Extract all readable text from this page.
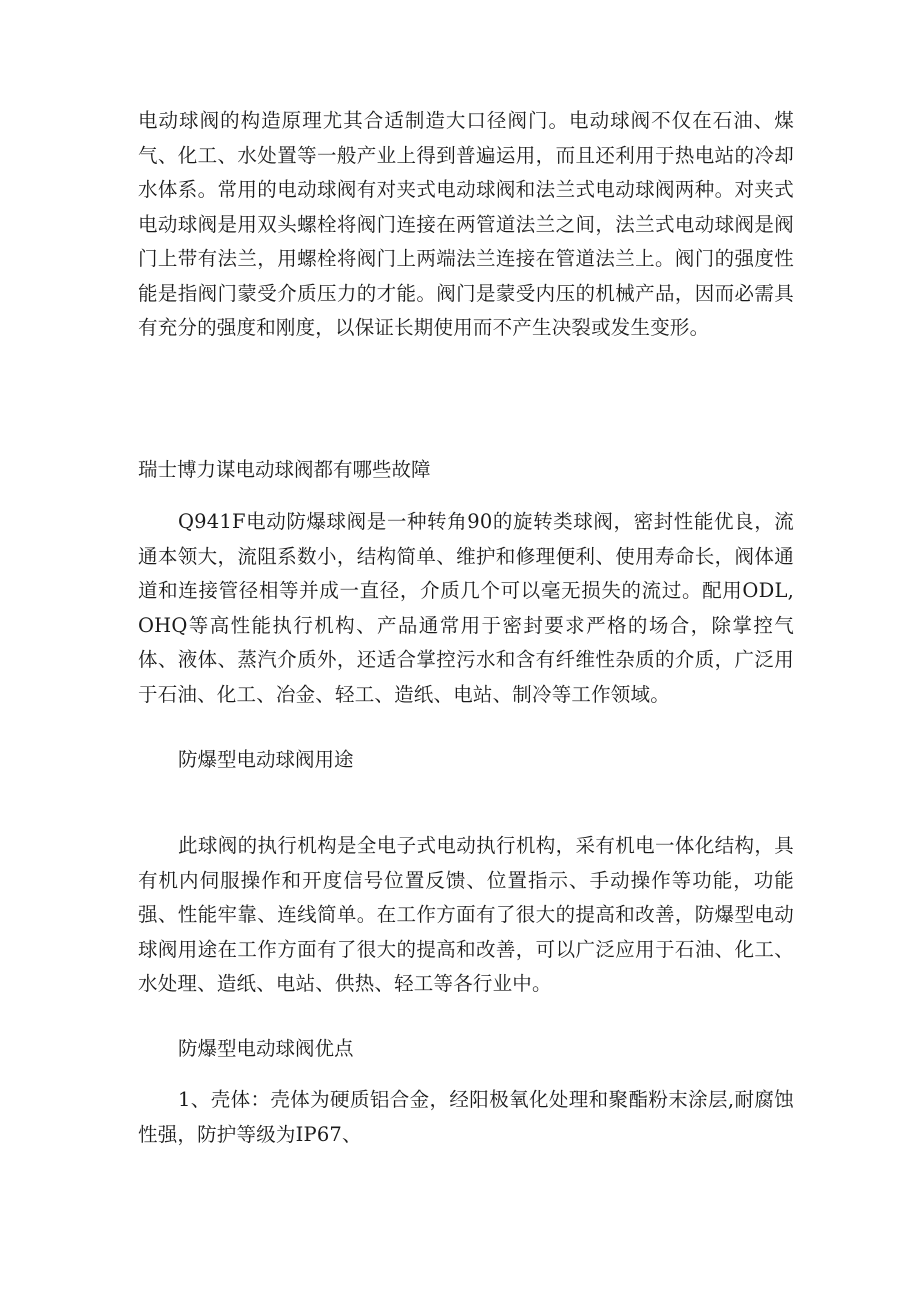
电动球阀的构造原理尤其合适制造大口径阀门。电动球阀不仅在石油、煤气、化工、水处置等一般产业上得到普遍运用，而且还利用于热电站的冷却水体系。常用的电动球阀有对夹式电动球阀和法兰式电动球阀两种。对夹式电动球阀是用双头螺栓将阀门连接在两管道法兰之间，法兰式电动球阀是阀门上带有法兰，用螺栓将阀门上两端法兰连接在管道法兰上。阀门的强度性能是指阀门蒙受介质压力的才能。阀门是蒙受内压的机械产品，因而必需具有充分的强度和刚度，以保证长期使用而不产生决裂或发生变形。

瑞士博力谋电动球阀都有哪些故障

Q941F电动防爆球阀是一种转角90的旋转类球阀，密封性能优良，流通本领大，流阻系数小，结构简单、维护和修理便利、使用寿命长，阀体通道和连接管径相等并成一直径，介质几个可以毫无损失的流过。配用ODL,OHQ等高性能执行机构、产品通常用于密封要求严格的场合，除掌控气体、液体、蒸汽介质外，还适合掌控污水和含有纤维性杂质的介质，广泛用于石油、化工、冶金、轻工、造纸、电站、制冷等工作领域。

防爆型电动球阀用途

此球阀的执行机构是全电子式电动执行机构，采有机电一体化结构，具有机内伺服操作和开度信号位置反馈、位置指示、手动操作等功能，功能强、性能牢靠、连线简单。在工作方面有了很大的提高和改善，防爆型电动球阀用途在工作方面有了很大的提高和改善，可以广泛应用于石油、化工、水处理、造纸、电站、供热、轻工等各行业中。

防爆型电动球阀优点

1、壳体：壳体为硬质铝合金，经阳极氧化处理和聚酯粉末涂层,耐腐蚀性强，防护等级为IP67、
